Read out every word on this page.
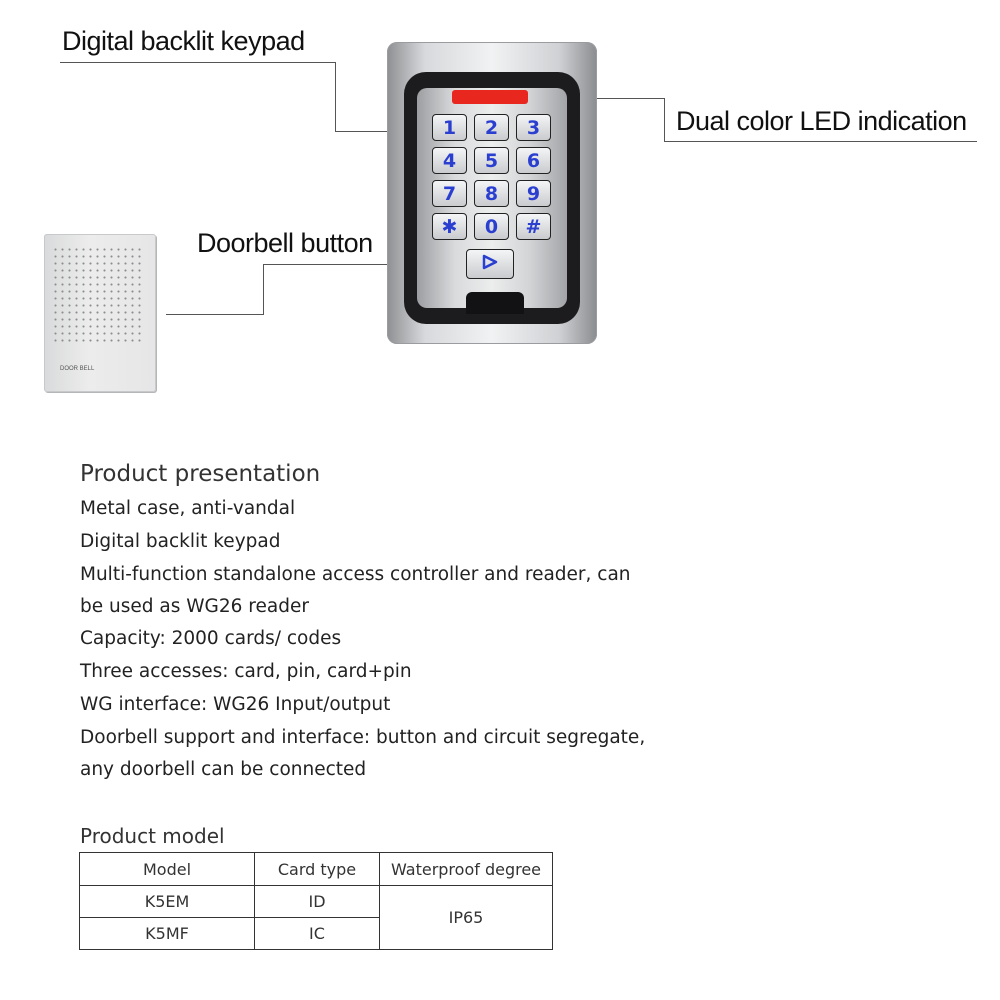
Digital backlit keypad
Dual color LED indication
Doorbell button
1	2	3
4	5	6
7	8	9
✱	0	#
DOOR BELL
Product presentation
Metal case, anti-vandal
Digital backlit keypad
Multi-function standalone access controller and reader, can
be used as WG26 reader
Capacity: 2000 cards/ codes
Three accesses: card, pin, card+pin
WG interface: WG26 Input/output
Doorbell support and interface: button and circuit segregate,
any doorbell can be connected
Product model
Model	Card type	Waterproof degree
K5EM	ID	IP65
K5MF	IC	
